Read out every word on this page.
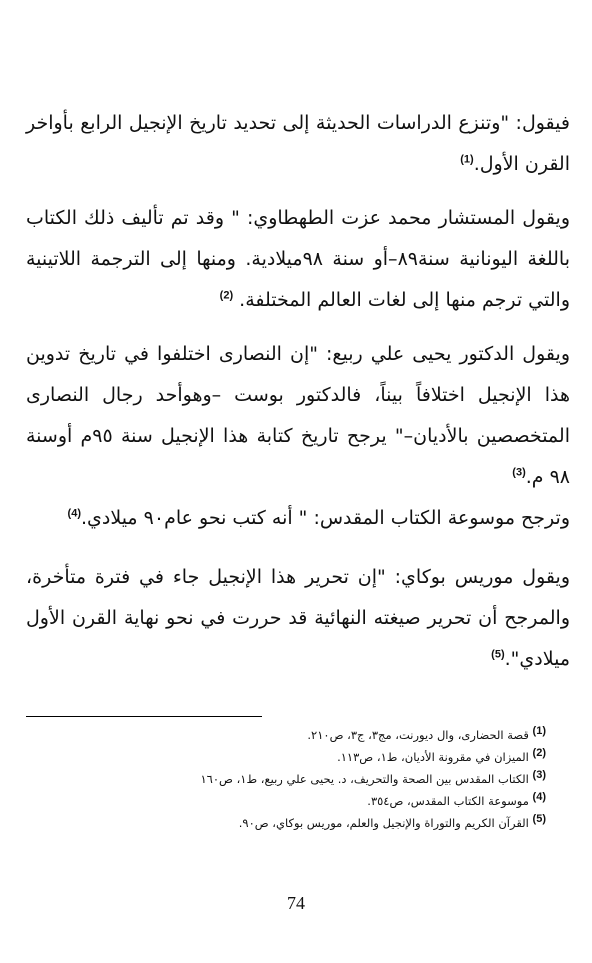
فيقول: "وتنزع الدراسات الحديثة إلى تحديد تاريخ الإنجيل الرابع بأواخر القرن الأول.$^{(1)}$

ويقول المستشار محمد عزت الطهطاوي: " وقد تم تأليف ذلك الكتاب باللغة اليونانية سنة٨٩–أو سنة ٩٨ميلادية. ومنها إلى الترجمة اللاتينية والتي ترجم منها إلى لغات العالم المختلفة. $^{(2)}$

ويقول الدكتور يحيى علي ربيع: "إن النصارى اختلفوا في تاريخ تدوين هذا الإنجيل اختلافاً بيناً، فالدكتور بوست –وهوأحد رجال النصارى المتخصصين بالأديان–" يرجح تاريخ كتابة هذا الإنجيل سنة ٩٥م أوسنة ٩٨ م.$^{(3)}$
وترجح موسوعة الكتاب المقدس: " أنه كتب نحو عام٩٠ ميلادي.$^{(4)}$

ويقول موريس بوكاي: "إن تحرير هذا الإنجيل جاء في فترة متأخرة، والمرجح أن تحرير صيغته النهائية قد حررت في نحو نهاية القرن الأول ميلادي".$^{(5)}$

$^{(1)}$ قصة الحضارى، وال ديورنت، مج٣، ج٣، ص٢١٠.
$^{(2)}$ الميزان في مقرونة الأديان، ط١، ص١١٣.
$^{(3)}$ الكتاب المقدس بين الصحة والتحريف، د. يحيى علي ربيع، ط١، ص١٦٠
$^{(4)}$ موسوعة الكتاب المقدس، ص٣٥٤.
$^{(5)}$ القرآن الكريم والتوراة والإنجيل والعلم، موريس بوكاي، ص٩٠.
74
